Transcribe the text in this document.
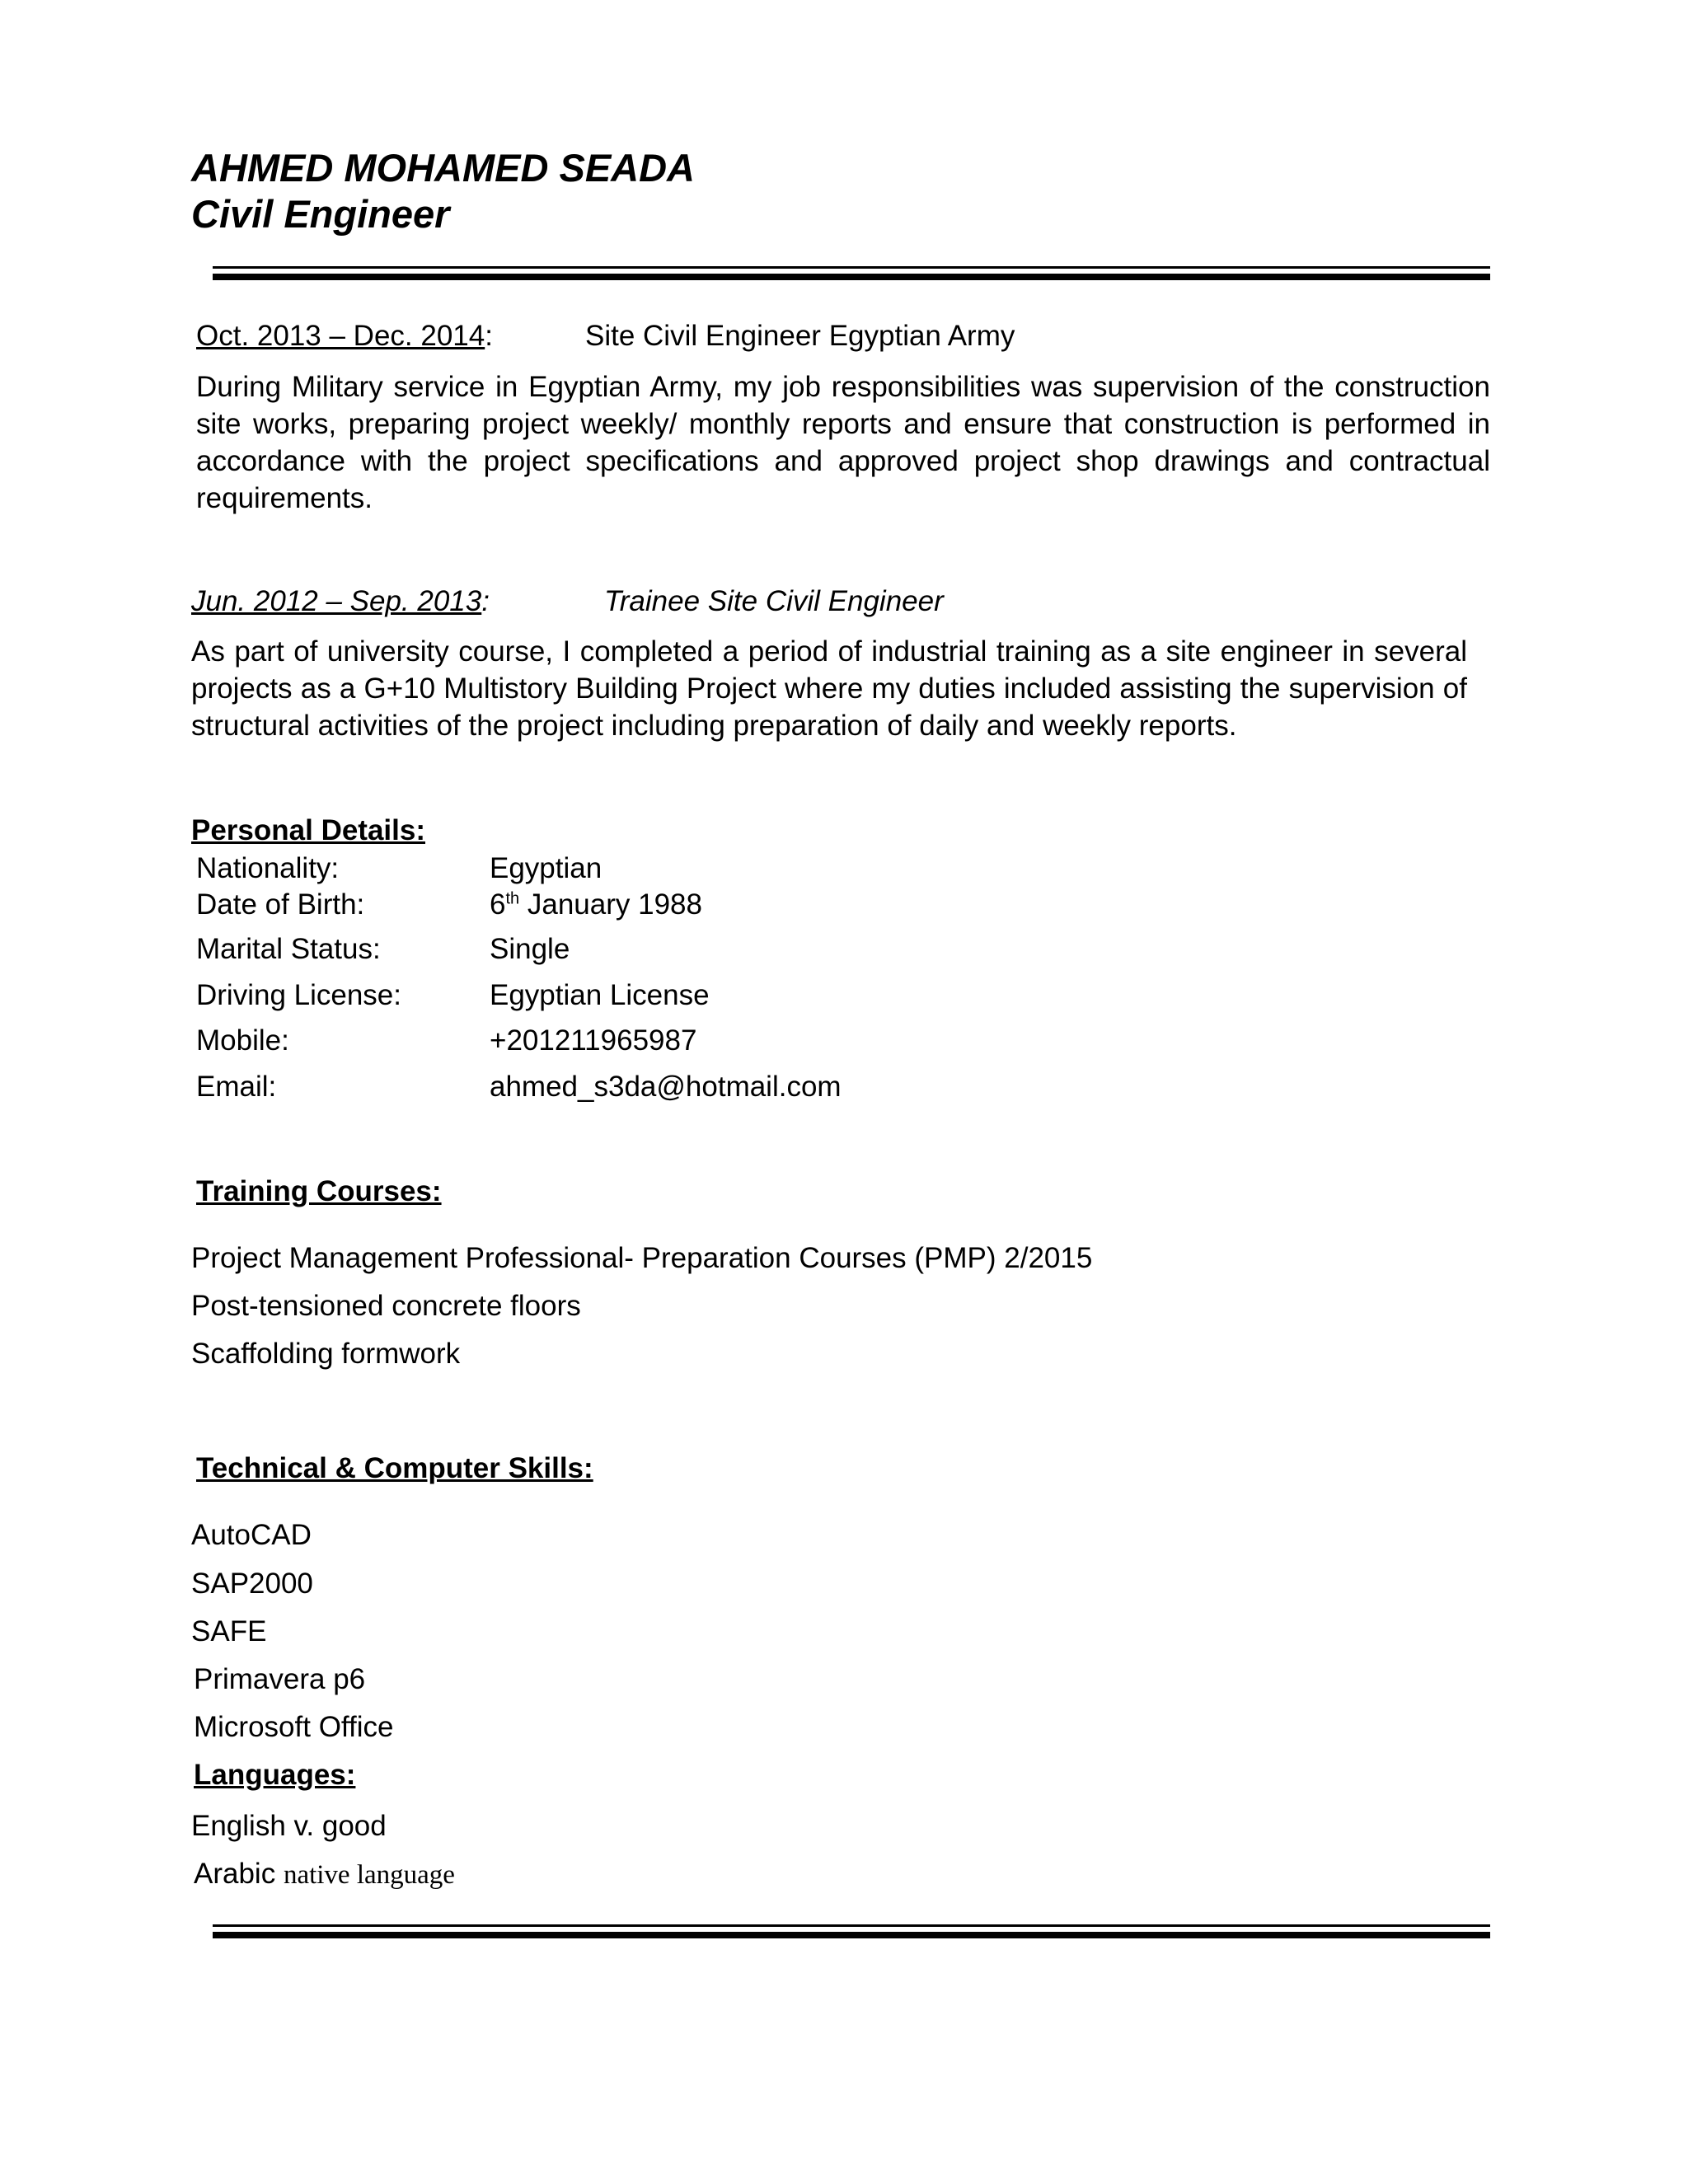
AHMED MOHAMED SEADA
Civil Engineer
Oct. 2013 – Dec. 2014:	Site Civil Engineer Egyptian Army
During Military service in Egyptian Army, my job responsibilities was supervision of the construction site works, preparing project weekly/ monthly reports and ensure that construction is performed in accordance with the project specifications and approved project shop drawings and contractual requirements.
Jun. 2012 – Sep. 2013:	Trainee Site Civil Engineer
As part of university course, I completed a period of industrial training as a site engineer in several projects as a G+10 Multistory Building Project where my duties included assisting the supervision of structural activities of the project including preparation of daily and weekly reports.
Personal Details:
Nationality:	Egyptian
Date of Birth:	6th January 1988
Marital Status:	Single
Driving License:	Egyptian License
Mobile:	+201211965987
Email:	ahmed_s3da@hotmail.com
Training Courses:
Project Management Professional- Preparation Courses (PMP) 2/2015
Post-tensioned concrete floors
Scaffolding formwork
Technical & Computer Skills:
AutoCAD
SAP2000
SAFE
Primavera p6
Microsoft Office
Languages:
English v. good
Arabic native language
